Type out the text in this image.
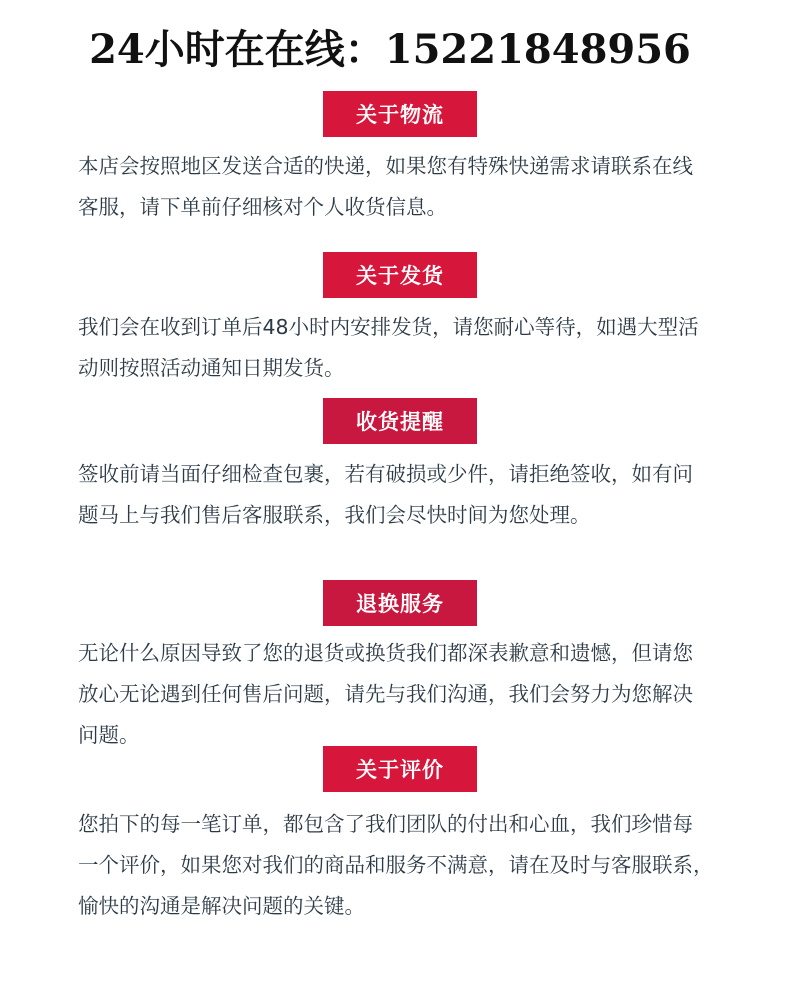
24小时在在线：15221848956
关于物流
本店会按照地区发送合适的快递，如果您有特殊快递需求请联系在线
客服，请下单前仔细核对个人收货信息。
关于发货
我们会在收到订单后48小时内安排发货，请您耐心等待，如遇大型活
动则按照活动通知日期发货。
收货提醒
签收前请当面仔细检查包裹，若有破损或少件，请拒绝签收，如有问
题马上与我们售后客服联系，我们会尽快时间为您处理。
退换服务
无论什么原因导致了您的退货或换货我们都深表歉意和遗憾，但请您
放心无论遇到任何售后问题，请先与我们沟通，我们会努力为您解决
问题。
关于评价
您拍下的每一笔订单，都包含了我们团队的付出和心血，我们珍惜每
一个评价，如果您对我们的商品和服务不满意，请在及时与客服联系，
愉快的沟通是解决问题的关键。
